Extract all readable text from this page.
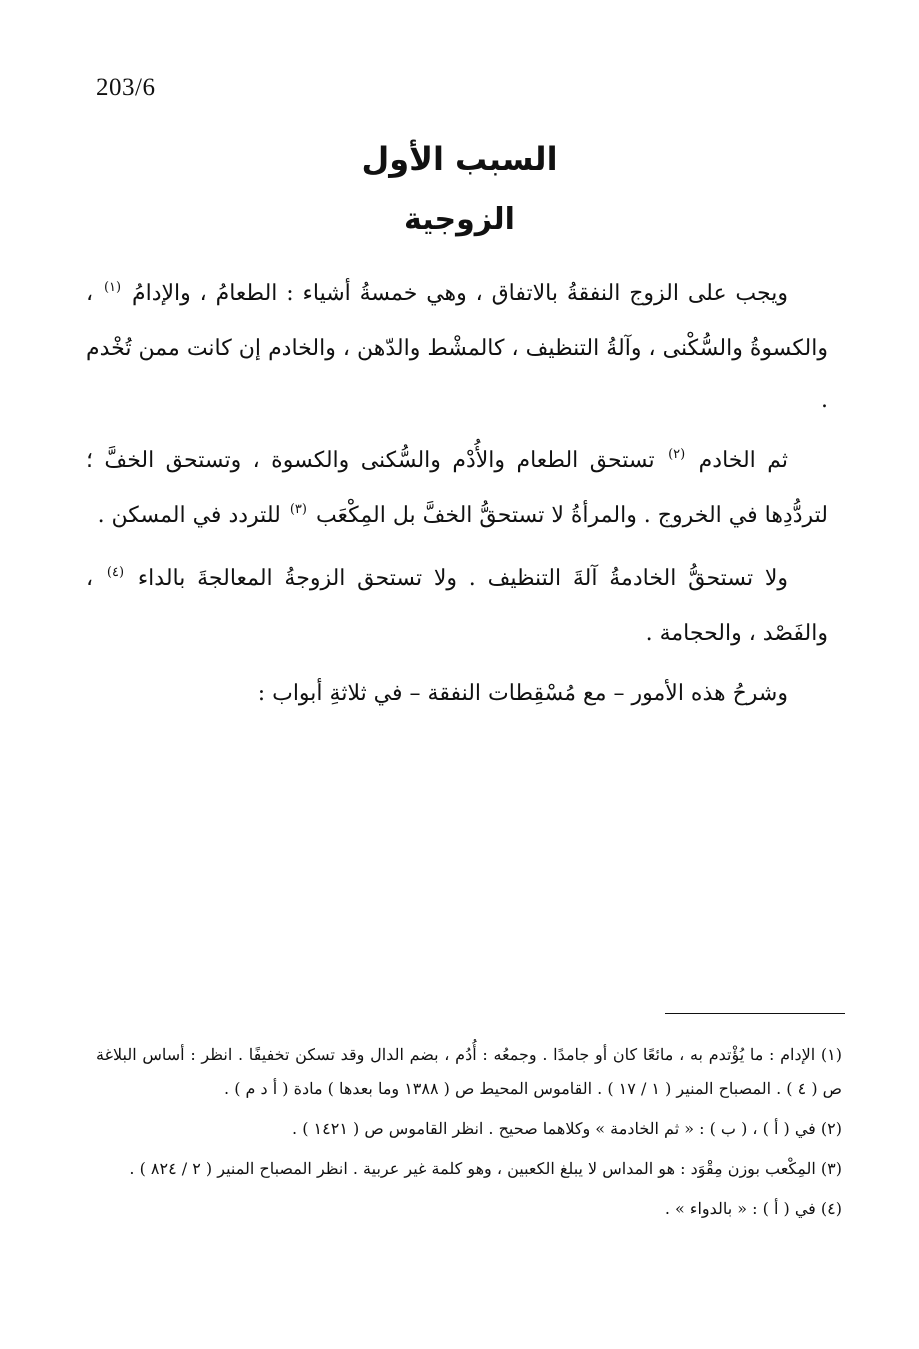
203/6
السبب الأول
الزوجية

ويجب على الزوج النفقةُ بالاتفاق ، وهي خمسةُ أشياء : الطعامُ ، والإدامُ $^{(١)}$ ، والكسوةُ والسُّكْنى ، وآلةُ التنظيف ، كالمشْط والدّهن ، والخادم إن كانت ممن تُخْدم .

ثم الخادم $^{(٢)}$ تستحق الطعام والأُدْم والسُّكنى والكسوة ، وتستحق الخفَّ ؛ لتردُّدِها في الخروج . والمرأةُ لا تستحقُّ الخفَّ بل المِكْعَب $^{(٣)}$ للتردد في المسكن .

ولا تستحقُّ الخادمةُ آلةَ التنظيف . ولا تستحق الزوجةُ المعالجةَ بالداء $^{(٤)}$ ، والفَصْد ، والحجامة .

وشرحُ هذه الأمور – مع مُسْقِطات النفقة – في ثلاثةِ أبواب :

(١) الإدام : ما يُؤْتدم به ، مائعًا كان أو جامدًا . وجمعُه : أُدُم ، بضم الدال وقد تسكن تخفيفًا . انظر : أساس البلاغة ص ( ٤ ) . المصباح المنير ( ١ / ١٧ ) . القاموس المحيط ص ( ١٣٨٨ وما بعدها ) مادة ( أ د م ) .

(٢) في ( أ ) ، ( ب ) : « ثم الخادمة » وكلاهما صحيح . انظر القاموس ص ( ١٤٢١ ) .

(٣) المِكْعب بوزن مِقْوَد : هو المداس لا يبلغ الكعبين ، وهو كلمة غير عربية . انظر المصباح المنير ( ٢ / ٨٢٤ ) .

(٤) في ( أ ) : « بالدواء » .
